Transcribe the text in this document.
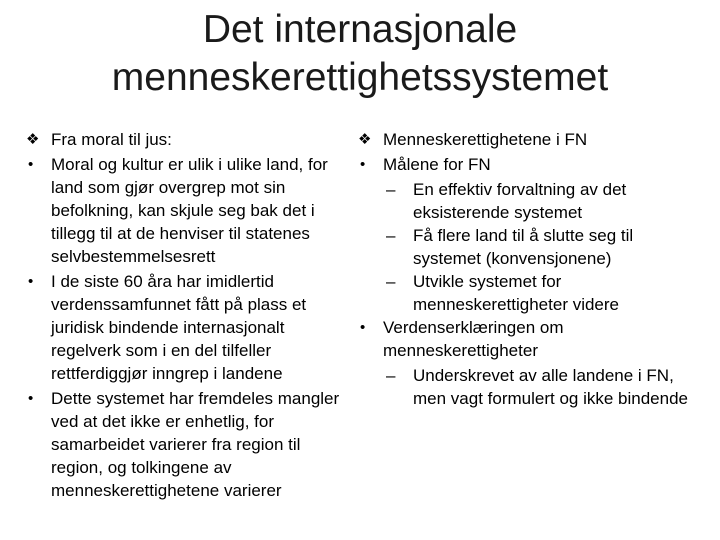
Det internasjonale
menneskerettighetssystemet
❖ Fra moral til jus:
•	Moral og kultur er ulik i ulike land, for land som gjør overgrep mot sin befolkning, kan skjule seg bak det i tillegg til at de henviser til statenes selvbestemmelsesrett
•	I de siste 60 åra har imidlertid verdenssamfunnet fått på plass et juridisk bindende internasjonalt regelverk som i en del tilfeller rettferdiggjør inngrep i landene
•	Dette systemet har fremdeles mangler ved at det ikke er enhetlig, for samarbeidet varierer fra region til region, og tolkingene av menneskerettighetene varierer
❖ Menneskerettighetene i FN
•	Målene for FN
–	En effektiv forvaltning av det eksisterende systemet
–	Få flere land til å slutte seg til systemet (konvensjonene)
–	Utvikle systemet for menneskerettigheter videre
•	Verdenserklæringen om menneskerettigheter
–	Underskrevet av alle landene i FN, men vagt formulert og ikke bindende
